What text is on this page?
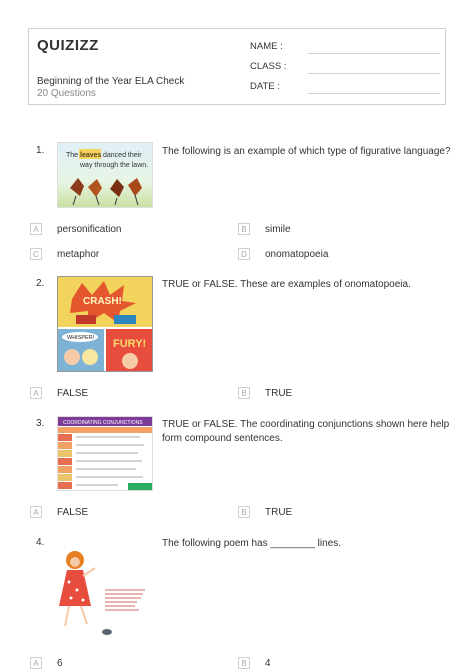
QUIZIZZ
Beginning of the Year ELA Check
20 Questions
NAME :
CLASS :
DATE :
1.	The following is an example of which type of figurative language?
The leaves danced their
way through the lawn.
A	personification	B	simile
C	metaphor	D	onomatopoeia
2.	TRUE or FALSE. These are examples of onomatopoeia.
CRASH!
WHISPER! FURY!
A	FALSE	B	TRUE
3.	TRUE or FALSE. The coordinating conjunctions shown here help form compound sentences.
COORDINATING CONJUNCTIONS
A	FALSE	B	TRUE
4.	The following poem has ________ lines.
A	6	B	4
